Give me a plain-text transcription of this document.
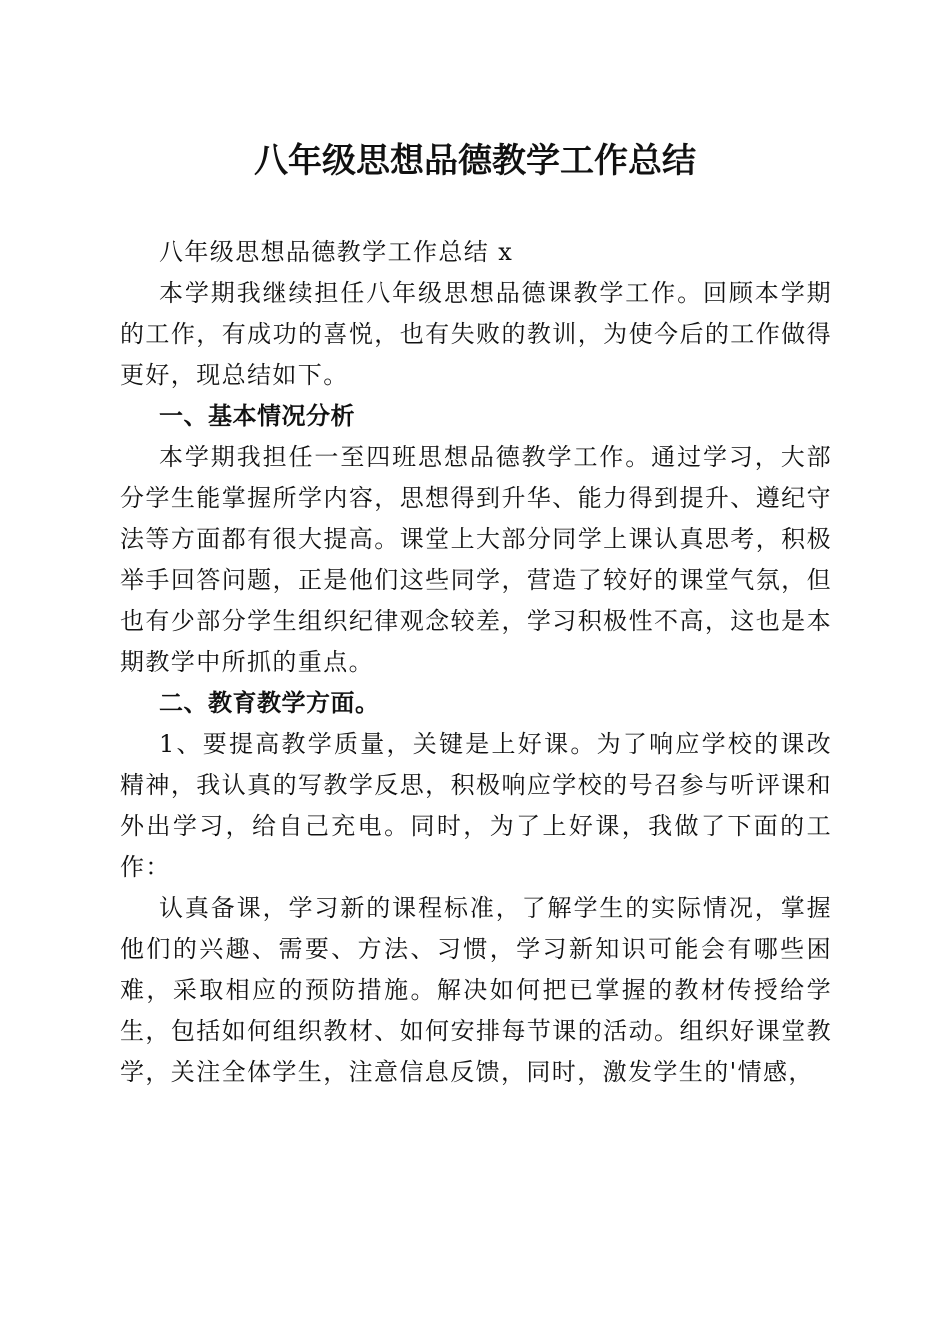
八年级思想品德教学工作总结

八年级思想品德教学工作总结 x

本学期我继续担任八年级思想品德课教学工作。回顾本学期的工作，有成功的喜悦，也有失败的教训，为使今后的工作做得更好，现总结如下。

一、基本情况分析

本学期我担任一至四班思想品德教学工作。通过学习，大部分学生能掌握所学内容，思想得到升华、能力得到提升、遵纪守法等方面都有很大提高。课堂上大部分同学上课认真思考，积极举手回答问题，正是他们这些同学，营造了较好的课堂气氛，但也有少部分学生组织纪律观念较差，学习积极性不高，这也是本期教学中所抓的重点。

二、教育教学方面。

1、要提高教学质量，关键是上好课。为了响应学校的课改精神，我认真的写教学反思，积极响应学校的号召参与听评课和外出学习，给自己充电。同时，为了上好课，我做了下面的工作：

认真备课，学习新的课程标准，了解学生的实际情况，掌握他们的兴趣、需要、方法、习惯，学习新知识可能会有哪些困难，采取相应的预防措施。解决如何把已掌握的教材传授给学生，包括如何组织教材、如何安排每节课的活动。组织好课堂教学，关注全体学生，注意信息反馈，同时，激发学生的'情感，
